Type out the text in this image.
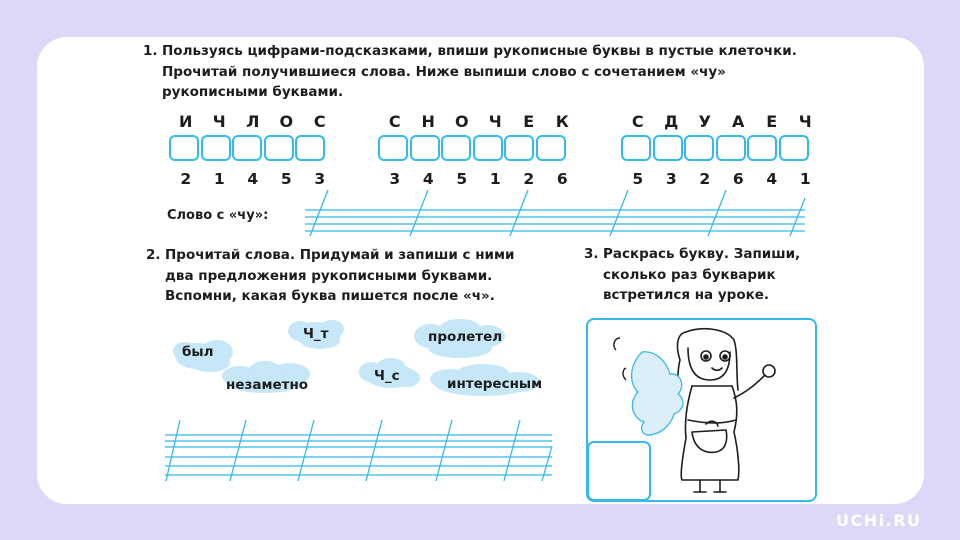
1. Пользуясь цифрами-подсказками, впиши рукописные буквы в пустые клеточки.
Прочитай получившиеся слова. Ниже выпиши слово с сочетанием «чу»
рукописными буквами.
И	Ч	Л	О	С
2	1	4	5	3
С	Н	О	Ч	Е	К
3	4	5	1	2	6
С	Д	У	А	Е	Ч
5	3	2	6	4	1
Слово с «чу»:
2. Прочитай слова. Придумай и запиши с ними
два предложения рукописными буквами.
Вспомни, какая буква пишется после «ч».
был
Ч_т
незаметно
Ч_с
пролетел
интересным
3. Раскрась букву. Запиши,
сколько раз букварик
встретился на уроке.
UCHi.RU
